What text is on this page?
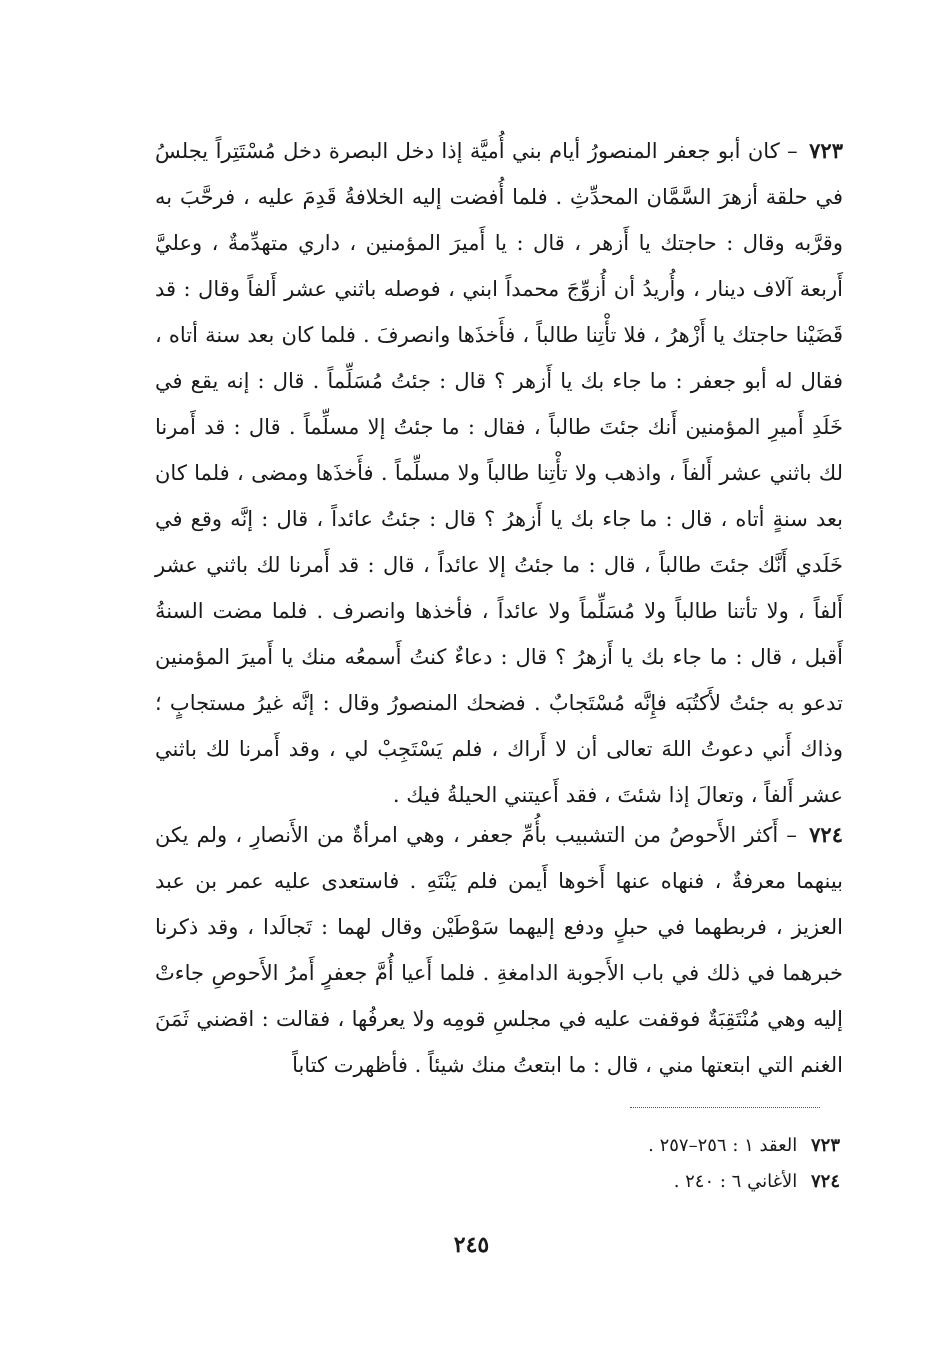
٧٢٣ – كان أبو جعفر المنصورُ أيام بني أُميَّة إذا دخل البصرة دخل مُسْتَتِراً يجلسُ في حلقة أزهرَ السَّمَّان المحدِّثِ . فلما أُفضت إليه الخلافةُ قَدِمَ عليه ، فرحَّبَ به وقرَّبه وقال : حاجتك يا أَزهر ، قال : يا أَميرَ المؤمنين ، داري متهدِّمةٌ ، وعليَّ أَربعة آلاف دينار ، وأُريدُ أن أُزوِّجَ محمداً ابني ، فوصله باثني عشر أَلفاً وقال : قد قَضَيْنا حاجتك يا أَزْهرُ ، فلا تأْتِنا طالباً ، فأَخذَها وانصرفَ . فلما كان بعد سنة أتاه ، فقال له أبو جعفر : ما جاء بك يا أَزهر ؟ قال : جئتُ مُسَلِّماً . قال : إنه يقع في خَلَدِ أَميرِ المؤمنين أَنك جئتَ طالباً ، فقال : ما جئتُ إلا مسلِّماً . قال : قد أَمرنا لك باثني عشر أَلفاً ، واذهب ولا تأْتِنا طالباً ولا مسلِّماً . فأَخذَها ومضى ، فلما كان بعد سنةٍ أتاه ، قال : ما جاء بك يا أَزهرُ ؟ قال : جئتُ عائداً ، قال : إنَّه وقع في خَلَدي أَنَّك جئتَ طالباً ، قال : ما جئتُ إلا عائداً ، قال : قد أَمرنا لك باثني عشر أَلفاً ، ولا تأتنا طالباً ولا مُسَلِّماً ولا عائداً ، فأخذها وانصرف . فلما مضت السنةُ أَقبل ، قال : ما جاء بك يا أَزهرُ ؟ قال : دعاءٌ كنتُ أَسمعُه منك يا أَميرَ المؤمنين تدعو به جئتُ لأَكتُبَه فإِنَّه مُسْتَجابٌ . فضحك المنصورُ وقال : إنَّه غيرُ مستجابٍ ؛ وذاك أَني دعوتُ اللهَ تعالى أن لا أَراك ، فلم يَسْتَجِبْ لي ، وقد أَمرنا لك باثني عشر أَلفاً ، وتعالَ إذا شئتَ ، فقد أَعيتني الحيلةُ فيك .
٧٢٤ – أَكثر الأَحوصُ من التشبيب بأُمِّ جعفر ، وهي امرأةٌ من الأَنصارِ ، ولم يكن بينهما معرفةٌ ، فنهاه عنها أَخوها أَيمن فلم يَنْتَهِ . فاستعدى عليه عمر بن عبد العزيز ، فربطهما في حبلٍ ودفع إليهما سَوْطَيْن وقال لهما : تَجالَدا ، وقد ذكرنا خبرهما في ذلك في باب الأَجوبة الدامغةِ . فلما أَعيا أُمَّ جعفرٍ أَمرُ الأَحوصِ جاءتْ إليه وهي مُنْتَقِبَةٌ فوقفت عليه في مجلسِ قومِه ولا يعرفُها ، فقالت : اقضني ثَمَنَ الغنم التي ابتعتها مني ، قال : ما ابتعتُ منك شيئاً . فأظهرت كتاباً
٧٢٣ العقد ١ : ٢٥٦–٢٥٧ .
٧٢٤ الأغاني ٦ : ٢٤٠ .
٢٤٥
